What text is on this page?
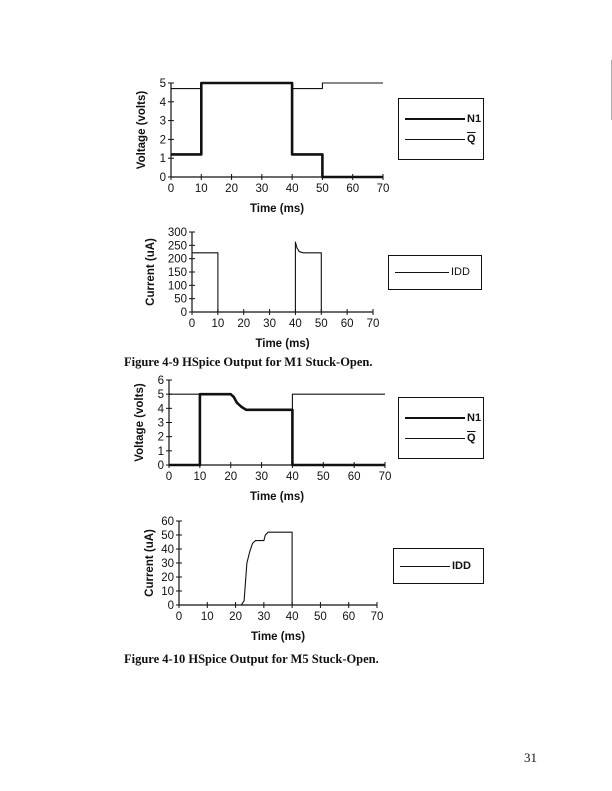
0 10 20 30 40 50 60 70
0
1
2
3
4
5
Time (ms)
Voltage (volts)
0 10 20 30 40 50 60 70
0
50
100
150
200
250
300
Time (ms)
Current (uA)
0 10 20 30 40 50 60 70
0
1
2
3
4
5
6
Time (ms)
Voltage (volts)
0 10 20 30 40 50 60 70
0
10
20
30
40
50
60
Time (ms)
Current (uA)
N1
$\overline{Q}$
IDD
N1
$\overline{Q}$
IDD
Figure 4-9 HSpice Output for M1 Stuck-Open.
Figure 4-10 HSpice Output for M5 Stuck-Open.
31
